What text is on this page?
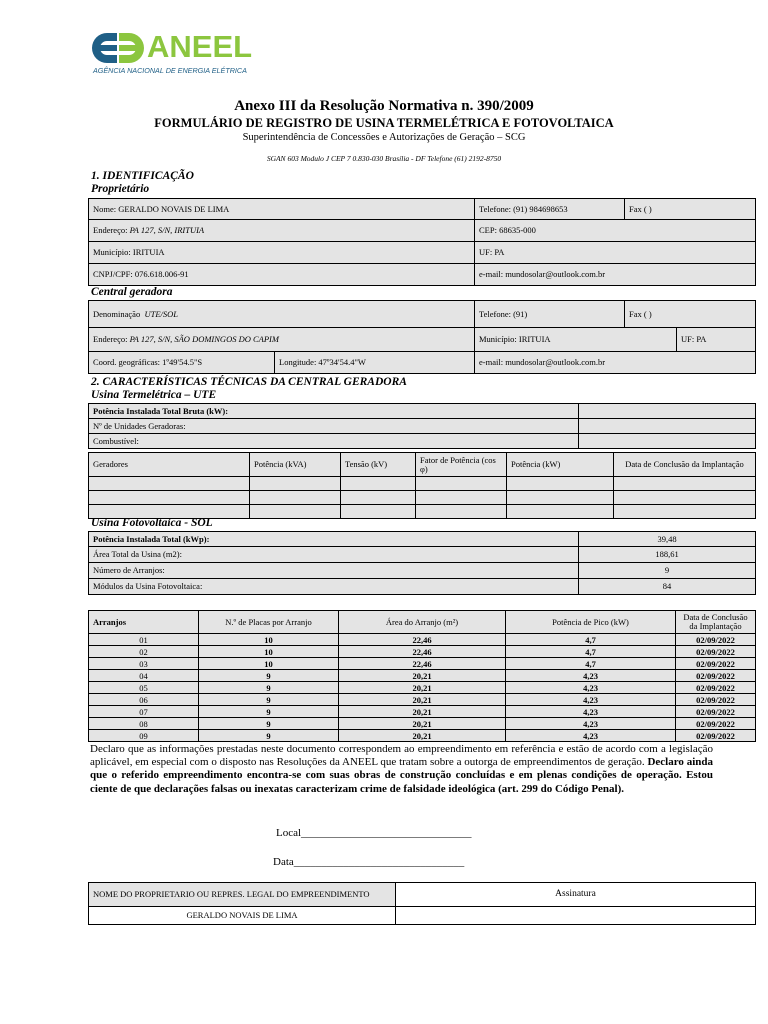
ANEEL
AGÊNCIA NACIONAL DE ENERGIA ELÉTRICA
Anexo III da Resolução Normativa n. 390/2009
FORMULÁRIO DE REGISTRO DE USINA TERMELÉTRICA E FOTOVOLTAICA
Superintendência de Concessões e Autorizações de Geração – SCG
SGAN 603 Modulo J CEP 7 0.830-030 Brasília - DF Telefone (61) 2192-8750
1. IDENTIFICAÇÃO
Proprietário
Nome: GERALDO NOVAIS DE LIMA	Telefone: (91) 984698653	Fax ( )
Endereço: PA 127, S/N, IRITUIA	CEP: 68635-000	
Município: IRITUIA	UF: PA	
CNPJ/CPF: 076.618.006-91	e-mail: mundosolar@outlook.com.br	
Central geradora
Denominação UTE/SOL		Telefone: (91)	Fax ( )	
Endereço: PA 127, S/N, SÃO DOMINGOS DO CAPIM		Município: IRITUIA		UF: PA
Coord. geográficas: 1º49'54.5"S	Longitude: 47º34'54.4"W	e-mail: mundosolar@outlook.com.br		
2. CARACTERÍSTICAS TÉCNICAS DA CENTRAL GERADORA
Usina Termelétrica – UTE
Potência Instalada Total Bruta (kW):	
Nº de Unidades Geradoras:	
Combustível:	
Geradores	Potência (kVA)	Tensão (kV)	Fator de Potência (cos φ)	Potência (kW)	Data de Conclusão da Implantação

Usina Fotovoltaica - SOL
Potência Instalada Total (kWp):	39,48
Área Total da Usina (m2):	188,61
Número de Arranjos:	9
Módulos da Usina Fotovoltaica:	84
Arranjos	N.º de Placas por Arranjo	Área do Arranjo (m²)	Potência de Pico (kW)	Data de Conclusão da Implantação
01	10	22,46	4,7	02/09/2022
02	10	22,46	4,7	02/09/2022
03	10	22,46	4,7	02/09/2022
04	9	20,21	4,23	02/09/2022
05	9	20,21	4,23	02/09/2022
06	9	20,21	4,23	02/09/2022
07	9	20,21	4,23	02/09/2022
08	9	20,21	4,23	02/09/2022
09	9	20,21	4,23	02/09/2022
Declaro que as informações prestadas neste documento correspondem ao empreendimento em referência e estão de acordo com a legislação aplicável, em especial com o disposto nas Resoluções da ANEEL que tratam sobre a outorga de empreendimentos de geração. Declaro ainda que o referido empreendimento encontra-se com suas obras de construção concluídas e em plenas condições de operação. Estou ciente de que declarações falsas ou inexatas caracterizam crime de falsidade ideológica (art. 299 do Código Penal).
Local_______________________________
Data_______________________________
NOME DO PROPRIETARIO OU REPRES. LEGAL DO EMPREENDIMENTO	Assinatura
GERALDO NOVAIS DE LIMA	
